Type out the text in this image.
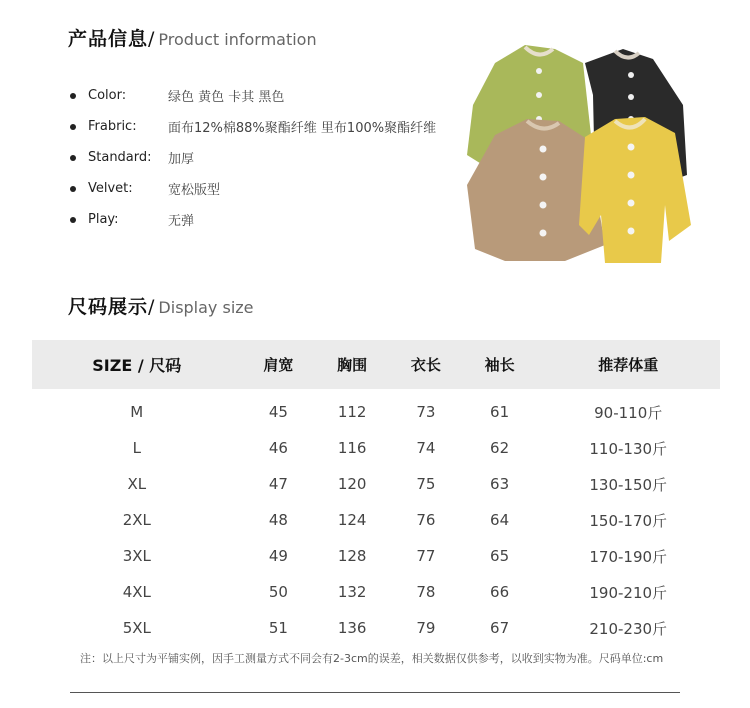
产品信息 / Product information
Color:	绿色 黄色 卡其 黑色
Frabric:	面布12%棉88%聚酯纤维 里布100%聚酯纤维
Standard:	加厚
Velvet:	宽松版型
Play:	无弹
尺码展示 / Display size
SIZE / 尺码	肩宽	胸围	衣长	袖长	推荐体重
M	45	112	73	61	90-110斤
L	46	116	74	62	110-130斤
XL	47	120	75	63	130-150斤
2XL	48	124	76	64	150-170斤
3XL	49	128	77	65	170-190斤
4XL	50	132	78	66	190-210斤
5XL	51	136	79	67	210-230斤
注：以上尺寸为平铺实例，因手工测量方式不同会有2-3cm的误差，相关数据仅供参考，以收到实物为准。尺码单位:cm
